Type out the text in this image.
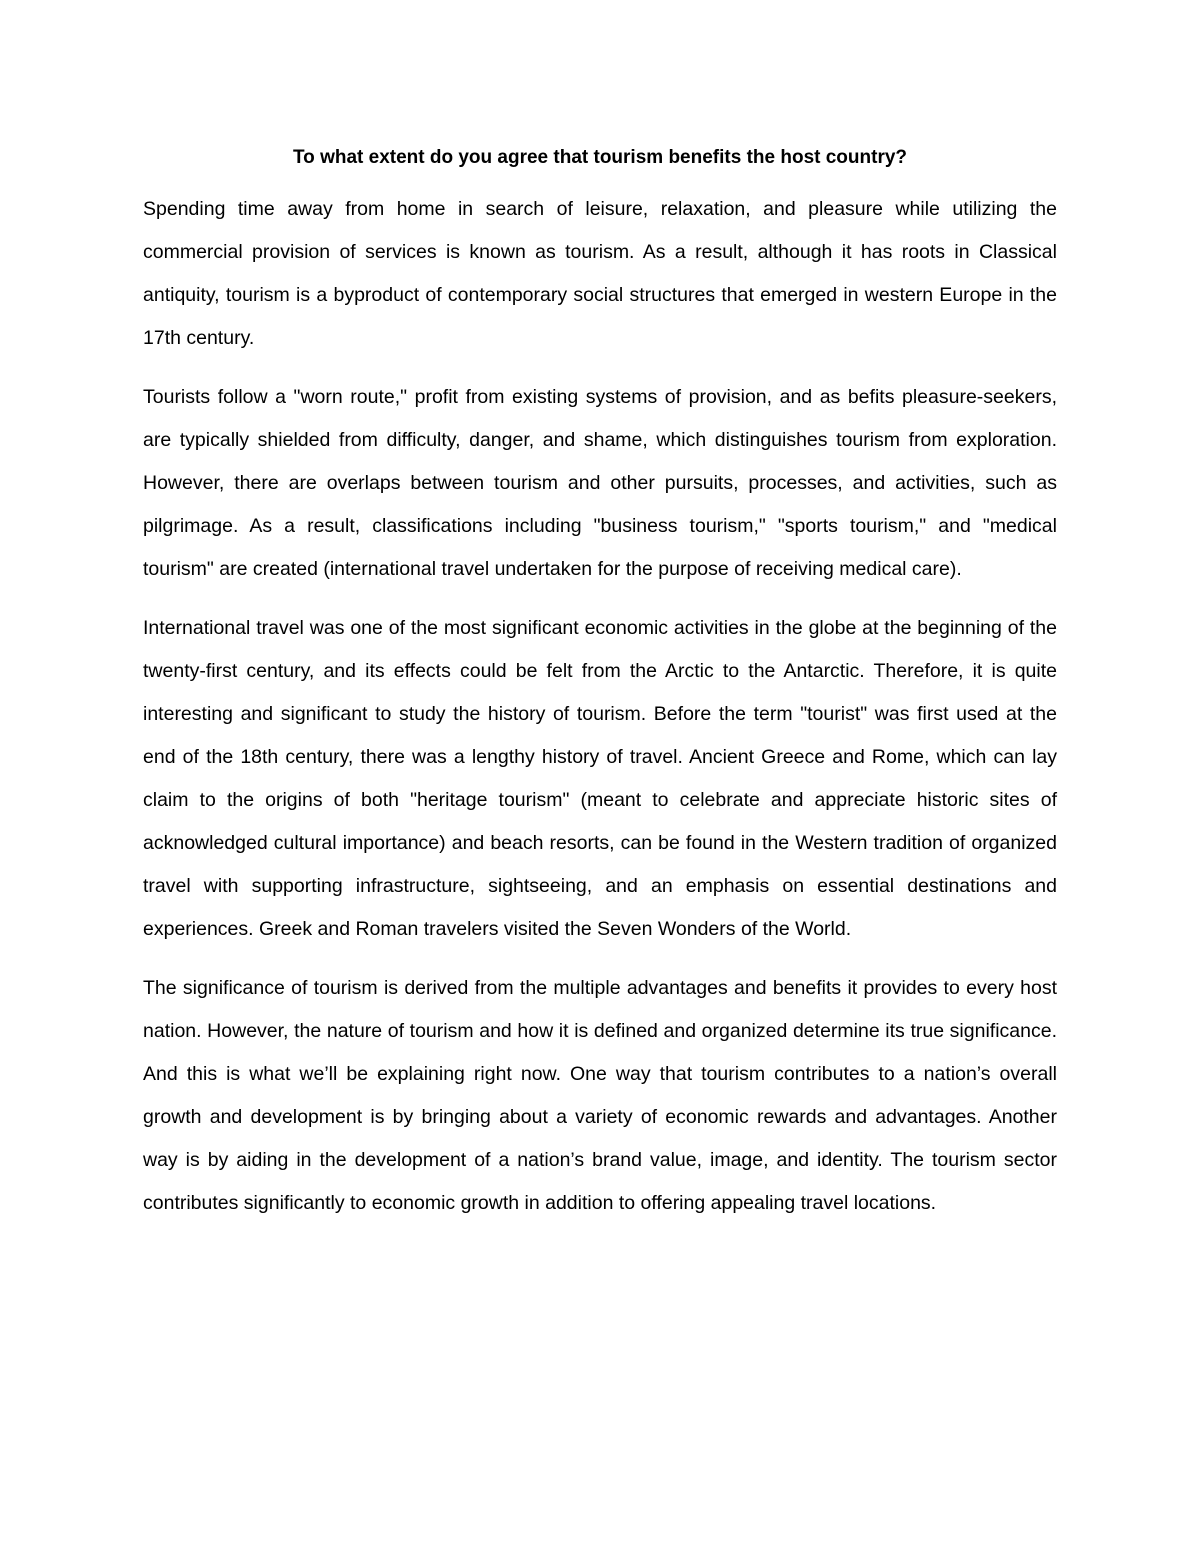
To what extent do you agree that tourism benefits the host country?

Spending time away from home in search of leisure, relaxation, and pleasure while utilizing the commercial provision of services is known as tourism. As a result, although it has roots in Classical antiquity, tourism is a byproduct of contemporary social structures that emerged in western Europe in the 17th century.

Tourists follow a "worn route," profit from existing systems of provision, and as befits pleasure-seekers, are typically shielded from difficulty, danger, and shame, which distinguishes tourism from exploration. However, there are overlaps between tourism and other pursuits, processes, and activities, such as pilgrimage. As a result, classifications including "business tourism," "sports tourism," and "medical tourism" are created (international travel undertaken for the purpose of receiving medical care).

International travel was one of the most significant economic activities in the globe at the beginning of the twenty-first century, and its effects could be felt from the Arctic to the Antarctic. Therefore, it is quite interesting and significant to study the history of tourism. Before the term "tourist" was first used at the end of the 18th century, there was a lengthy history of travel. Ancient Greece and Rome, which can lay claim to the origins of both "heritage tourism" (meant to celebrate and appreciate historic sites of acknowledged cultural importance) and beach resorts, can be found in the Western tradition of organized travel with supporting infrastructure, sightseeing, and an emphasis on essential destinations and experiences. Greek and Roman travelers visited the Seven Wonders of the World.

The significance of tourism is derived from the multiple advantages and benefits it provides to every host nation. However, the nature of tourism and how it is defined and organized determine its true significance. And this is what we’ll be explaining right now. One way that tourism contributes to a nation’s overall growth and development is by bringing about a variety of economic rewards and advantages. Another way is by aiding in the development of a nation’s brand value, image, and identity. The tourism sector contributes significantly to economic growth in addition to offering appealing travel locations.
